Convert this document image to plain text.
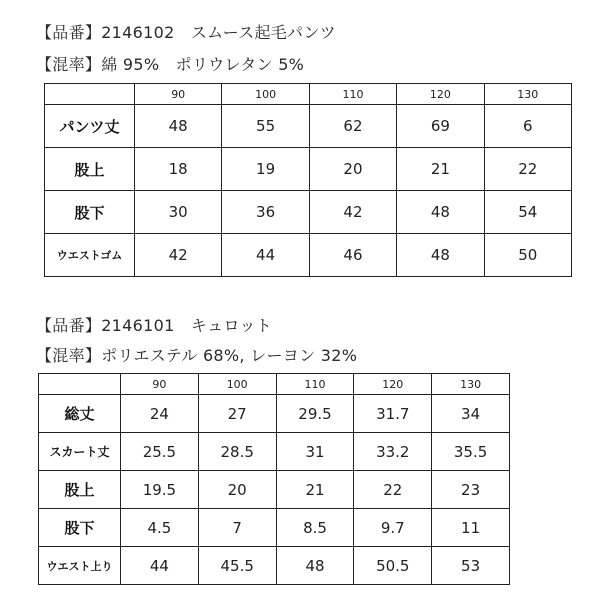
【品番】2146102　スムース起毛パンツ
【混率】綿 95%　ポリウレタン 5%
	90	100	110	120	130
パンツ丈	48	55	62	69	6
股上	18	19	20	21	22
股下	30	36	42	48	54
ウエストゴム	42	44	46	48	50
【品番】2146101　キュロット
【混率】ポリエステル 68%, レーヨン 32%
	90	100	110	120	130
総丈	24	27	29.5	31.7	34
スカート丈	25.5	28.5	31	33.2	35.5
股上	19.5	20	21	22	23
股下	4.5	7	8.5	9.7	11
ウエスト上り	44	45.5	48	50.5	53
